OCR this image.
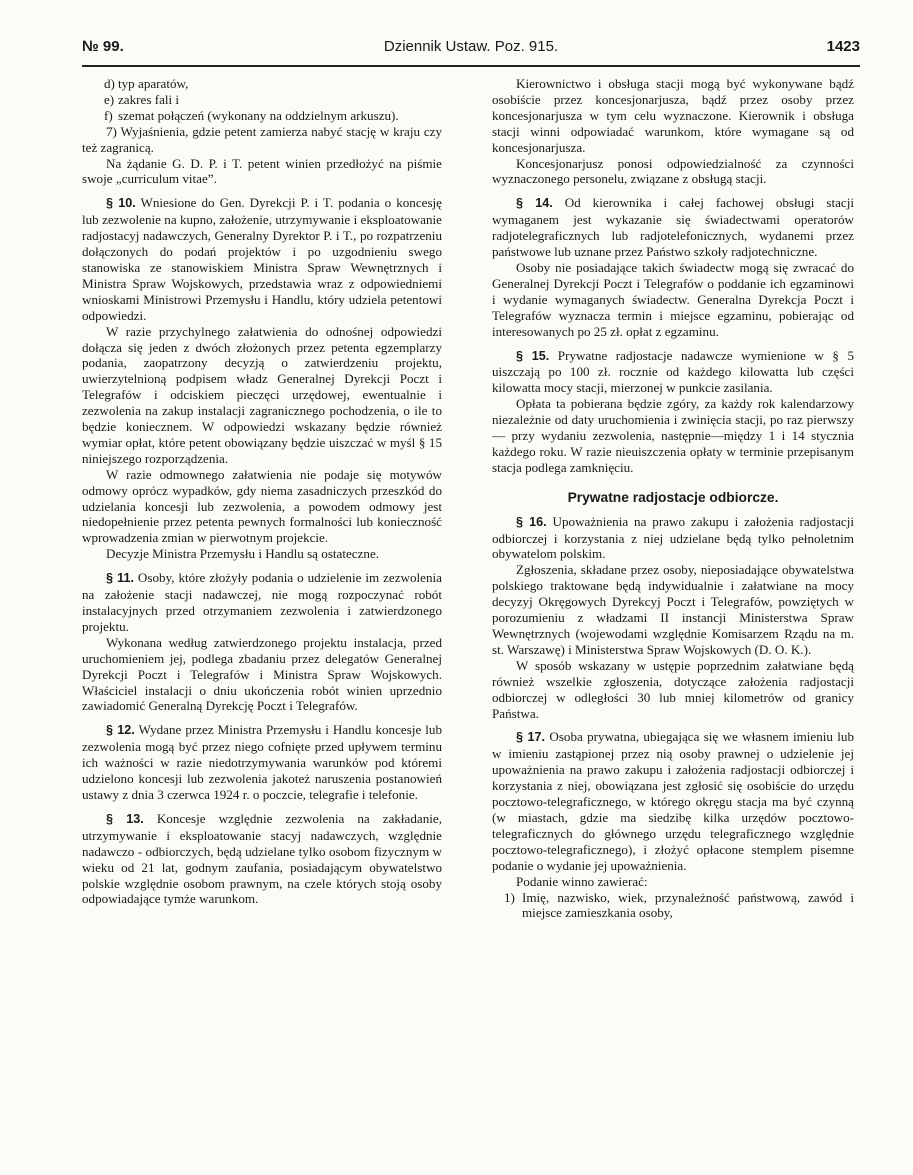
№ 99.	Dziennik Ustaw. Poz. 915.	1423

d) typ aparatów,

e) zakres fali i

f) szemat połączeń (wykonany na oddzielnym arkuszu).

7) Wyjaśnienia, gdzie petent zamierza nabyć stację w kraju czy też zagranicą.

Na żądanie G. D. P. i T. petent winien przedłożyć na piśmie swoje „curriculum vitae”.

§ 10. Wniesione do Gen. Dyrekcji P. i T. podania o koncesję lub zezwolenie na kupno, założenie, utrzymywanie i eksploatowanie radjostacyj nadawczych, Generalny Dyrektor P. i T., po rozpatrzeniu dołączonych do podań projektów i po uzgodnieniu swego stanowiska ze stanowiskiem Ministra Spraw Wewnętrznych i Ministra Spraw Wojskowych, przedstawia wraz z odpowiedniemi wnioskami Ministrowi Przemysłu i Handlu, który udziela petentowi odpowiedzi.

W razie przychylnego załatwienia do odnośnej odpowiedzi dołącza się jeden z dwóch złożonych przez petenta egzemplarzy podania, zaopatrzony decyzją o zatwierdzeniu projektu, uwierzytelnioną podpisem władz Generalnej Dyrekcji Poczt i Telegrafów i odciskiem pieczęci urzędowej, ewentualnie i zezwolenia na zakup instalacji zagranicznego pochodzenia, o ile to będzie koniecznem. W odpowiedzi wskazany będzie również wymiar opłat, które petent obowiązany będzie uiszczać w myśl § 15 niniejszego rozporządzenia.

W razie odmownego załatwienia nie podaje się motywów odmowy oprócz wypadków, gdy niema zasadniczych przeszkód do udzielania koncesji lub zezwolenia, a powodem odmowy jest niedopełnienie przez petenta pewnych formalności lub konieczność wprowadzenia zmian w pierwotnym projekcie.

Decyzje Ministra Przemysłu i Handlu są ostateczne.

§ 11. Osoby, które złożyły podania o udzielenie im zezwolenia na założenie stacji nadawczej, nie mogą rozpoczynać robót instalacyjnych przed otrzymaniem zezwolenia i zatwierdzonego projektu.

Wykonana według zatwierdzonego projektu instalacja, przed uruchomieniem jej, podlega zbadaniu przez delegatów Generalnej Dyrekcji Poczt i Telegrafów i Ministra Spraw Wojskowych. Właściciel instalacji o dniu ukończenia robót winien uprzednio zawiadomić Generalną Dyrekcję Poczt i Telegrafów.

§ 12. Wydane przez Ministra Przemysłu i Handlu koncesje lub zezwolenia mogą być przez niego cofnięte przed upływem terminu ich ważności w razie niedotrzymywania warunków pod któremi udzielono koncesji lub zezwolenia jakoteż naruszenia postanowień ustawy z dnia 3 czerwca 1924 r. o poczcie, telegrafie i telefonie.

§ 13. Koncesje względnie zezwolenia na zakładanie, utrzymywanie i eksploatowanie stacyj nadawczych, względnie nadawczo - odbiorczych, będą udzielane tylko osobom fizycznym w wieku od 21 lat, godnym zaufania, posiadającym obywatelstwo polskie względnie osobom prawnym, na czele których stoją osoby odpowiadające tymże warunkom.

Kierownictwo i obsługa stacji mogą być wykonywane bądź osobiście przez koncesjonarjusza, bądź przez osoby przez koncesjonarjusza w tym celu wyznaczone. Kierownik i obsługa stacji winni odpowiadać warunkom, które wymagane są od koncesjonarjusza.

Koncesjonarjusz ponosi odpowiedzialność za czynności wyznaczonego personelu, związane z obsługą stacji.

§ 14. Od kierownika i całej fachowej obsługi stacji wymaganem jest wykazanie się świadectwami operatorów radjotelegraficznych lub radjotelefonicznych, wydanemi przez państwowe lub uznane przez Państwo szkoły radjotechniczne.

Osoby nie posiadające takich świadectw mogą się zwracać do Generalnej Dyrekcji Poczt i Telegrafów o poddanie ich egzaminowi i wydanie wymaganych świadectw. Generalna Dyrekcja Poczt i Telegrafów wyznacza termin i miejsce egzaminu, pobierając od interesowanych po 25 zł. opłat z egzaminu.

§ 15. Prywatne radjostacje nadawcze wymienione w § 5 uiszczają po 100 zł. rocznie od każdego kilowatta lub części kilowatta mocy stacji, mierzonej w punkcie zasilania.

Opłata ta pobierana będzie zgóry, za każdy rok kalendarzowy niezależnie od daty uruchomienia i zwinięcia stacji, po raz pierwszy — przy wydaniu zezwolenia, następnie—między 1 i 14 stycznia każdego roku. W razie nieuiszczenia opłaty w terminie przepisanym stacja podlega zamknięciu.

Prywatne radjostacje odbiorcze.

§ 16. Upoważnienia na prawo zakupu i założenia radjostacji odbiorczej i korzystania z niej udzielane będą tylko pełnoletnim obywatelom polskim.

Zgłoszenia, składane przez osoby, nieposiadające obywatelstwa polskiego traktowane będą indywidualnie i załatwiane na mocy decyzyj Okręgowych Dyrekcyj Poczt i Telegrafów, powziętych w porozumieniu z władzami II instancji Ministerstwa Spraw Wewnętrznych (wojewodami względnie Komisarzem Rządu na m. st. Warszawę) i Ministerstwa Spraw Wojskowych (D. O. K.).

W sposób wskazany w ustępie poprzednim załatwiane będą również wszelkie zgłoszenia, dotyczące założenia radjostacji odbiorczej w odległości 30 lub mniej kilometrów od granicy Państwa.

§ 17. Osoba prywatna, ubiegająca się we własnem imieniu lub w imieniu zastąpionej przez nią osoby prawnej o udzielenie jej upoważnienia na prawo zakupu i założenia radjostacji odbiorczej i korzystania z niej, obowiązana jest zgłosić się osobiście do urzędu pocztowo-telegraficznego, w którego okręgu stacja ma być czynną (w miastach, gdzie ma siedzibę kilka urzędów pocztowo-telegraficznych do głównego urzędu telegraficznego względnie pocztowo-telegraficznego), i złożyć opłacone stemplem pisemne podanie o wydanie jej upoważnienia.

Podanie winno zawierać:

1) Imię, nazwisko, wiek, przynależność państwową, zawód i miejsce zamieszkania osoby,
